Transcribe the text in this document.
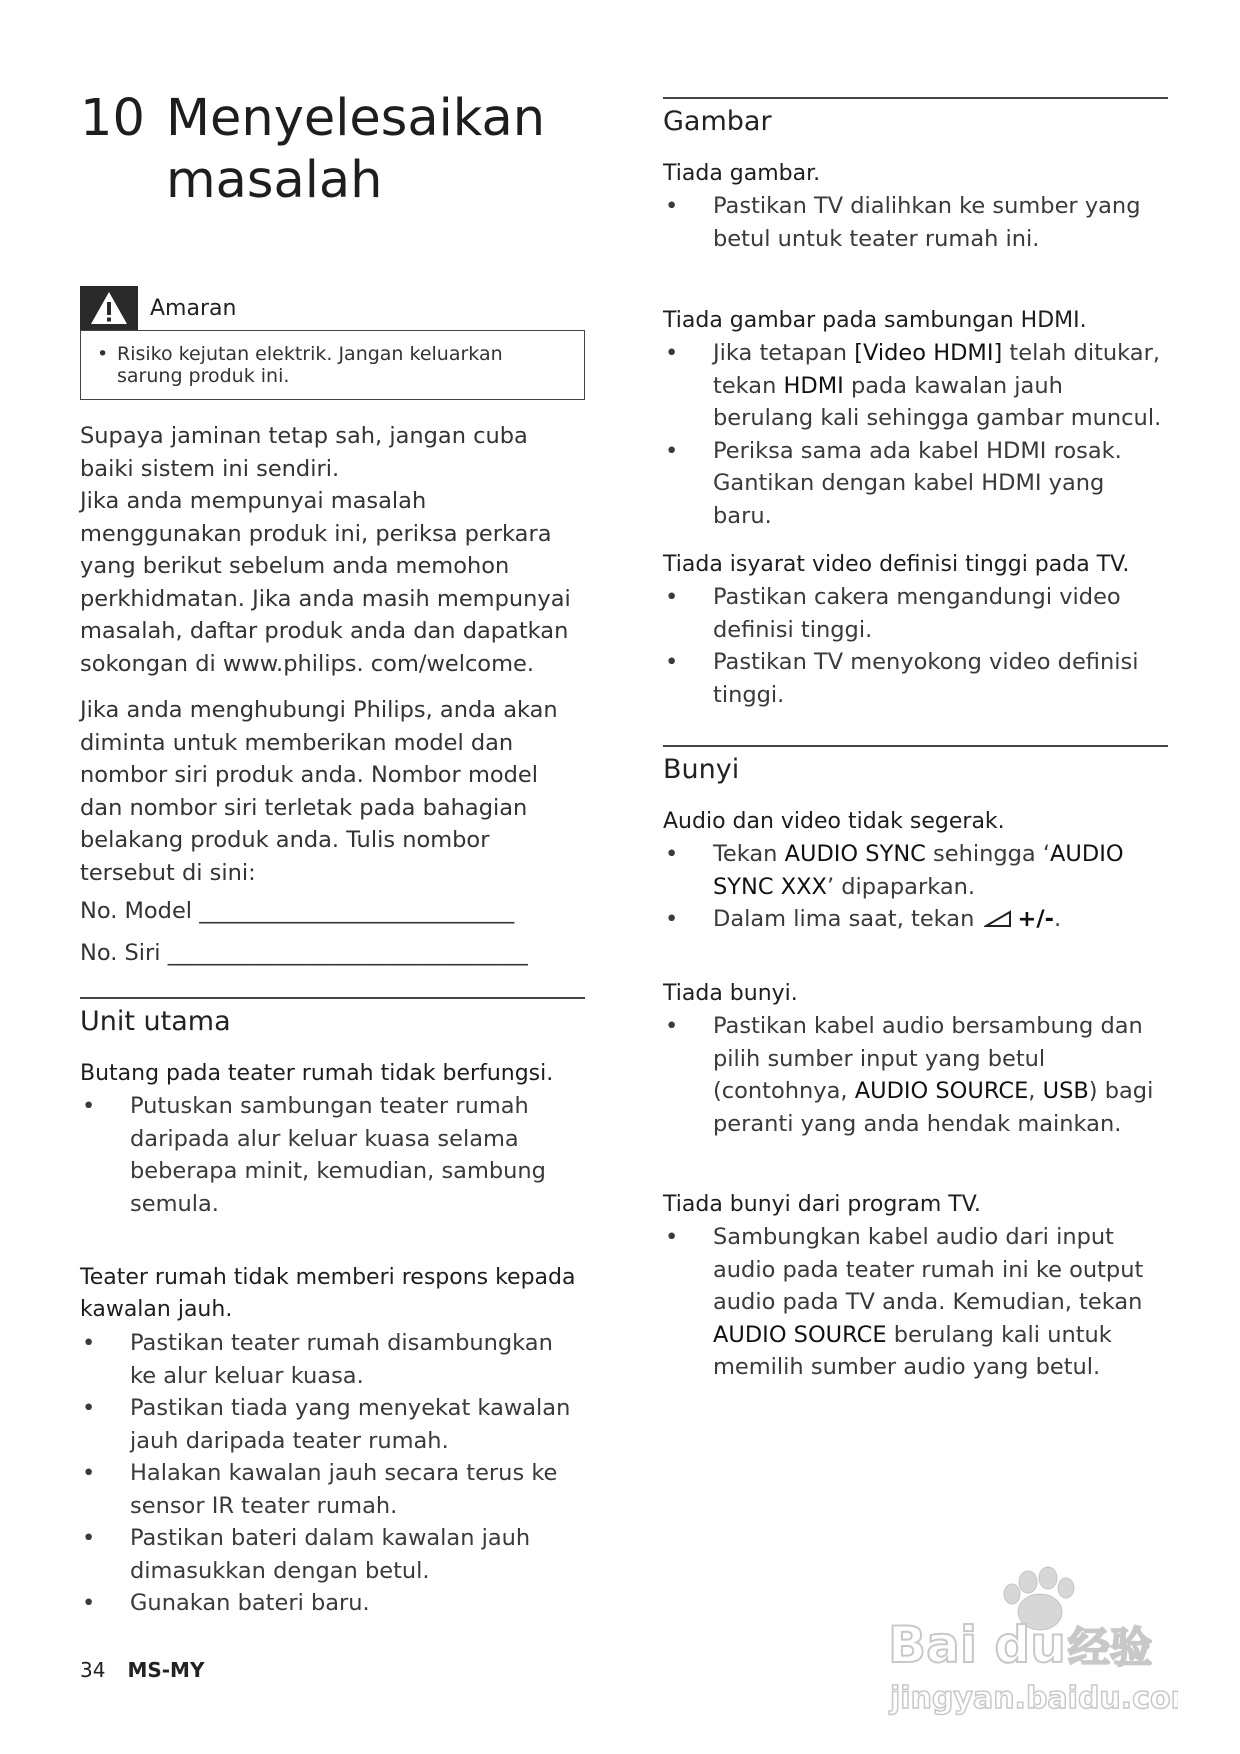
10 Menyelesaikan
masalah
Amaran
• Risiko kejutan elektrik. Jangan keluarkan sarung produk ini.

Supaya jaminan tetap sah, jangan cuba baiki sistem ini sendiri.

Jika anda mempunyai masalah menggunakan produk ini, periksa perkara yang berikut sebelum anda memohon perkhidmatan. Jika anda masih mempunyai masalah, daftar produk anda dan dapatkan sokongan di www.philips. com/welcome.

Jika anda menghubungi Philips, anda akan diminta untuk memberikan model dan nombor siri produk anda. Nombor model dan nombor siri terletak pada bahagian belakang produk anda. Tulis nombor tersebut di sini:

No. Model ____________________________
No. Siri ________________________________
Unit utama
Butang pada teater rumah tidak berfungsi.
•	Putuskan sambungan teater rumah daripada alur keluar kuasa selama beberapa minit, kemudian, sambung semula.
Teater rumah tidak memberi respons kepada kawalan jauh.
•	Pastikan teater rumah disambungkan ke alur keluar kuasa.
•	Pastikan tiada yang menyekat kawalan jauh daripada teater rumah.
•	Halakan kawalan jauh secara terus ke sensor IR teater rumah.
•	Pastikan bateri dalam kawalan jauh dimasukkan dengan betul.
•	Gunakan bateri baru.
Gambar
Tiada gambar.
•	Pastikan TV dialihkan ke sumber yang betul untuk teater rumah ini.
Tiada gambar pada sambungan HDMI.
•	Jika tetapan [Video HDMI] telah ditukar, tekan HDMI pada kawalan jauh berulang kali sehingga gambar muncul.
•	Periksa sama ada kabel HDMI rosak. Gantikan dengan kabel HDMI yang baru.
Tiada isyarat video definisi tinggi pada TV.
•	Pastikan cakera mengandungi video definisi tinggi.
•	Pastikan TV menyokong video definisi tinggi.
Bunyi
Audio dan video tidak segerak.
•	Tekan AUDIO SYNC sehingga ‘AUDIO SYNC XXX’ dipaparkan.
•	Dalam lima saat, tekan +/-.
Tiada bunyi.
•	Pastikan kabel audio bersambung dan pilih sumber input yang betul (contohnya, AUDIO SOURCE, USB) bagi peranti yang anda hendak mainkan.
Tiada bunyi dari program TV.
•	Sambungkan kabel audio dari input audio pada teater rumah ini ke output audio pada TV anda. Kemudian, tekan AUDIO SOURCE berulang kali untuk memilih sumber audio yang betul.
34 MS-MY	Bai du 经验
jingyan.baidu.com
